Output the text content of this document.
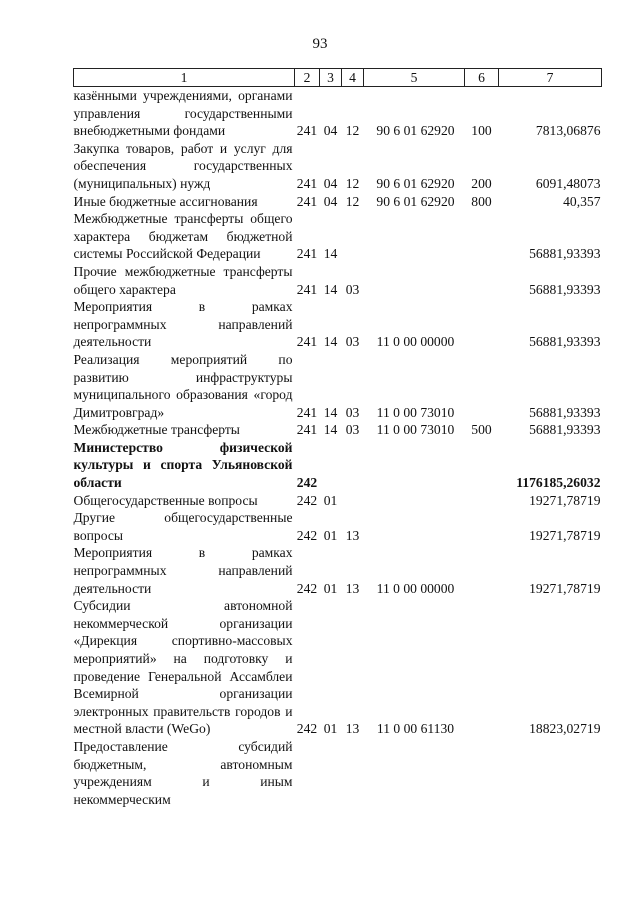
93
1	2	3	4	5	6	7
казёнными учреждениями, органами управления государственными внебюджетными фондами	241	04	12	90 6 01 62920	100	7813,06876
Закупка товаров, работ и услуг для обеспечения государственных (муниципальных) нужд	241	04	12	90 6 01 62920	200	6091,48073
Иные бюджетные ассигнования	241	04	12	90 6 01 62920	800	40,357
Межбюджетные трансферты общего характера бюджетам бюджетной системы Российской Федерации	241	14				56881,93393
Прочие межбюджетные трансферты общего характера	241	14	03			56881,93393
Мероприятия в рамках непрограммных направлений деятельности	241	14	03	11 0 00 00000		56881,93393
Реализация мероприятий по развитию инфраструктуры муниципального образования «город Димитровград»	241	14	03	11 0 00 73010		56881,93393
Межбюджетные трансферты	241	14	03	11 0 00 73010	500	56881,93393
Министерство физической культуры и спорта Ульяновской области	242					1176185,26032
Общегосударственные вопросы	242	01				19271,78719
Другие общегосударственные вопросы	242	01	13			19271,78719
Мероприятия в рамках непрограммных направлений деятельности	242	01	13	11 0 00 00000		19271,78719
Субсидии автономной некоммерческой организации «Дирекция спортивно-массовых мероприятий» на подготовку и проведение Генеральной Ассамблеи Всемирной организации электронных правительств городов и местной власти (WeGo)	242	01	13	11 0 00 61130		18823,02719
Предоставление субсидий бюджетным, автономным учреждениям и иным некоммерческим						
